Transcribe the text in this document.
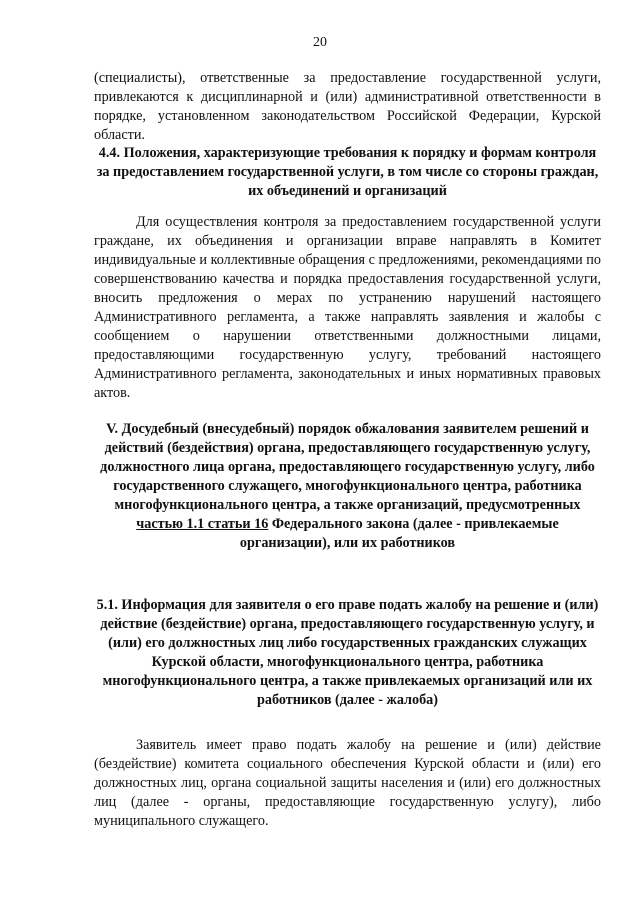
20
(специалисты), ответственные за предоставление государственной услуги, привлекаются к дисциплинарной и (или) административной ответственности в порядке, установленном законодательством Российской Федерации, Курской области.
4.4. Положения, характеризующие требования к порядку и формам контроля за предоставлением государственной услуги, в том числе со стороны граждан, их объединений и организаций
Для осуществления контроля за предоставлением государственной услуги граждане, их объединения и организации вправе направлять в Комитет индивидуальные и коллективные обращения с предложениями, рекомендациями по совершенствованию качества и порядка предоставления государственной услуги, вносить предложения о мерах по устранению нарушений настоящего Административного регламента, а также направлять заявления и жалобы с сообщением о нарушении ответственными должностными лицами, предоставляющими государственную услугу, требований настоящего Административного регламента, законодательных и иных нормативных правовых актов.
V. Досудебный (внесудебный) порядок обжалования заявителем решений и действий (бездействия) органа, предоставляющего государственную услугу, должностного лица органа, предоставляющего государственную услугу, либо государственного служащего, многофункционального центра, работника многофункционального центра, а также организаций, предусмотренных частью 1.1 статьи 16 Федерального закона (далее - привлекаемые организации), или их работников
5.1. Информация для заявителя о его праве подать жалобу на решение и (или) действие (бездействие) органа, предоставляющего государственную услугу, и (или) его должностных лиц либо государственных гражданских служащих Курской области, многофункционального центра, работника многофункционального центра, а также привлекаемых организаций или их работников (далее - жалоба)
Заявитель имеет право подать жалобу на решение и (или) действие (бездействие) комитета социального обеспечения Курской области и (или) его должностных лиц, органа социальной защиты населения и (или) его должностных лиц (далее - органы, предоставляющие государственную услугу), либо муниципального служащего.
